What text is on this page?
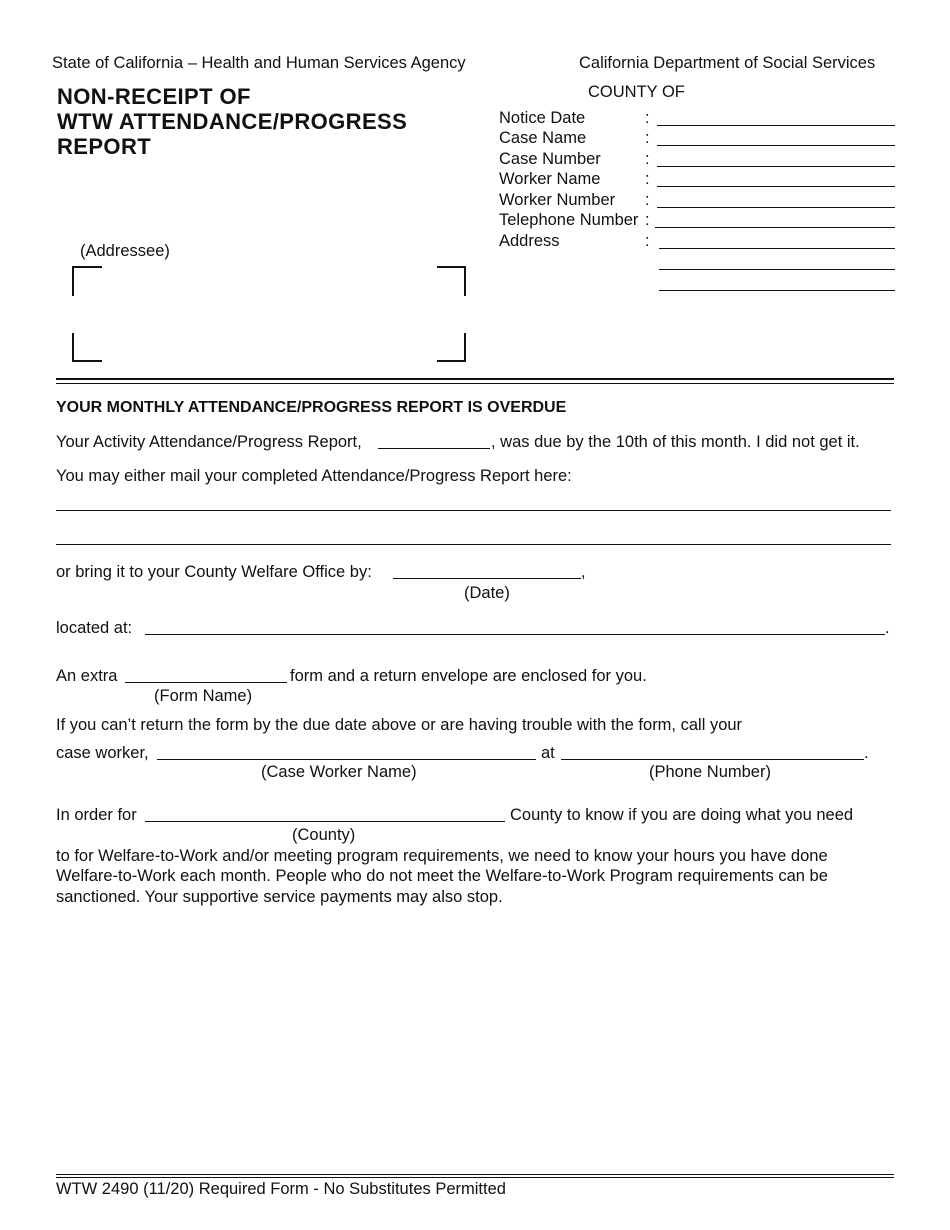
State of California – Health and Human Services Agency	California Department of Social Services
COUNTY OF
NON-RECEIPT OF
WTW ATTENDANCE/PROGRESS
REPORT
Notice Date	:
Case Name	:
Case Number	:
Worker Name	:
Worker Number :
Telephone Number :
Address	:
(Addressee)
YOUR MONTHLY ATTENDANCE/PROGRESS REPORT IS OVERDUE
Your Activity Attendance/Progress Report,	, was due by the 10th of this month. I did not get it.
You may either mail your completed Attendance/Progress Report here:
or bring it to your County Welfare Office by:	,
(Date)
located at:	.
An extra	form and a return envelope are enclosed for you.
(Form Name)
If you can’t return the form by the due date above or are having trouble with the form, call your
case worker,	at	.
(Case Worker Name)	(Phone Number)
In order for	County to know if you are doing what you need
(County)
to for Welfare-to-Work and/or meeting program requirements, we need to know your hours you have done
Welfare-to-Work each month. People who do not meet the Welfare-to-Work Program requirements can be
sanctioned. Your supportive service payments may also stop.
WTW 2490 (11/20) Required Form - No Substitutes Permitted
